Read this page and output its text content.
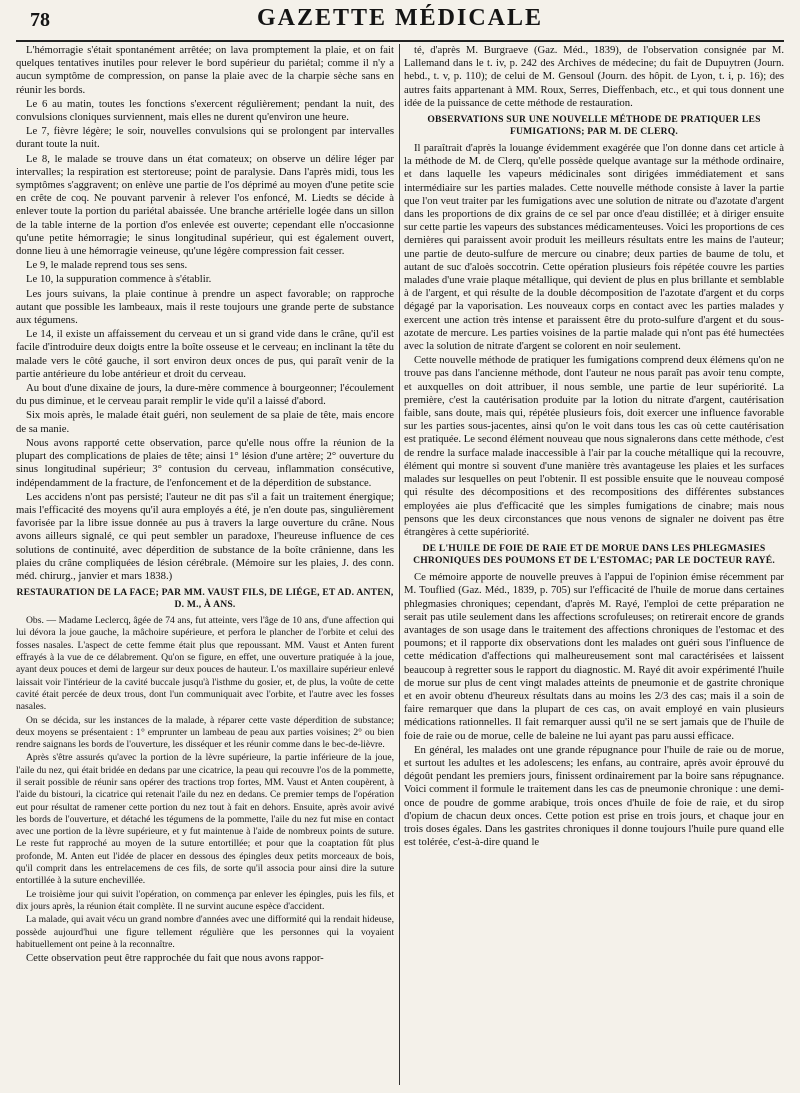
78	GAZETTE MÉDICALE

L'hémorragie s'était spontanément arrêtée; on lava promptement la plaie, et on fait quelques tentatives inutiles pour relever le bord supérieur du pariétal; comme il n'y a aucun symptôme de compression, on panse la plaie avec de la charpie sèche sans en réunir les bords.

Le 6 au matin, toutes les fonctions s'exercent régulièrement; pendant la nuit, des convulsions cloniques surviennent, mais elles ne durent qu'environ une heure.

Le 7, fièvre légère; le soir, nouvelles convulsions qui se prolongent par intervalles durant toute la nuit.

Le 8, le malade se trouve dans un état comateux; on observe un délire léger par intervalles; la respiration est stertoreuse; point de paralysie. Dans l'après midi, tous les symptômes s'aggravent; on enlève une partie de l'os déprimé au moyen d'une petite scie en crête de coq. Ne pouvant parvenir à relever l'os enfoncé, M. Liedts se décide à enlever toute la portion du pariétal abaissée. Une branche artérielle logée dans un sillon de la table interne de la portion d'os enlevée est ouverte; cependant elle n'occasionne qu'une petite hémorragie; le sinus longitudinal supérieur, qui est également ouvert, donne lieu à une hémorragie veineuse, qu'une légère compression fait cesser.

Le 9, le malade reprend tous ses sens.

Le 10, la suppuration commence à s'établir.

Les jours suivans, la plaie continue à prendre un aspect favorable; on rapproche autant que possible les lambeaux, mais il reste toujours une grande perte de substance aux tégumens.

Le 14, il existe un affaissement du cerveau et un si grand vide dans le crâne, qu'il est facile d'introduire deux doigts entre la boîte osseuse et le cerveau; en inclinant la tête du malade vers le côté gauche, il sort environ deux onces de pus, qui paraît venir de la partie antérieure du lobe antérieur et droit du cerveau.

Au bout d'une dixaine de jours, la dure-mère commence à bourgeonner; l'écoulement du pus diminue, et le cerveau parait remplir le vide qu'il a laissé d'abord.

Six mois après, le malade était guéri, non seulement de sa plaie de tête, mais encore de sa manie.

Nous avons rapporté cette observation, parce qu'elle nous offre la réunion de la plupart des complications de plaies de tête; ainsi 1° lésion d'une artère; 2° ouverture du sinus longitudinal supérieur; 3° contusion du cerveau, inflammation consécutive, indépendamment de la fracture, de l'enfoncement et de la déperdition de substance.

Les accidens n'ont pas persisté; l'auteur ne dit pas s'il a fait un traitement énergique; mais l'efficacité des moyens qu'il aura employés a été, je n'en doute pas, singulièrement favorisée par la libre issue donnée au pus à travers la large ouverture du crâne. Nous avons ailleurs signalé, ce qui peut sembler un paradoxe, l'heureuse influence de ces solutions de continuité, avec déperdition de substance de la boîte crânienne, dans les plaies du crâne compliquées de lésion cérébrale. (Mémoire sur les plaies, J. des conn. méd. chirurg., janvier et mars 1838.)

RESTAURATION DE LA FACE; PAR MM. VAUST FILS, DE LIÉGE, ET AD. ANTEN, D. M., À ANS.

Obs. — Madame Leclercq, âgée de 74 ans, fut atteinte, vers l'âge de 10 ans, d'une affection qui lui dévora la joue gauche, la mâchoire supérieure, et perfora le plancher de l'orbite et celui des fosses nasales. L'aspect de cette femme était plus que repoussant. MM. Vaust et Anten furent effrayés à la vue de ce délabrement. Qu'on se figure, en effet, une ouverture pratiquée à la joue, ayant deux pouces et demi de largeur sur deux pouces de hauteur. L'os maxillaire supérieur enlevé laissait voir l'intérieur de la cavité buccale jusqu'à l'isthme du gosier, et, de plus, la voûte de cette cavité était percée de deux trous, dont l'un communiquait avec l'orbite, et l'autre avec les fosses nasales.

On se décida, sur les instances de la malade, à réparer cette vaste déperdition de substance; deux moyens se présentaient : 1° emprunter un lambeau de peau aux parties voisines; 2° ou bien rendre saignans les bords de l'ouverture, les disséquer et les réunir comme dans le bec-de-lièvre.

Après s'être assurés qu'avec la portion de la lèvre supérieure, la partie inférieure de la joue, l'aile du nez, qui était bridée en dedans par une cicatrice, la peau qui recouvre l'os de la pommette, il serait possible de réunir sans opérer des tractions trop fortes, MM. Vaust et Anten coupèrent, à l'aide du bistouri, la cicatrice qui retenait l'aile du nez en dedans. Ce premier temps de l'opération eut pour résultat de ramener cette portion du nez tout à fait en dehors. Ensuite, après avoir avivé les bords de l'ouverture, et détaché les tégumens de la pommette, l'aile du nez fut mise en contact avec une portion de la lèvre supérieure, et y fut maintenue à l'aide de nombreux points de suture. Le reste fut rapproché au moyen de la suture entortillée; et pour que la coaptation fût plus profonde, M. Anten eut l'idée de placer en dessous des épingles deux petits morceaux de bois, qu'il comprit dans les entrelacemens de ces fils, de sorte qu'il associa pour ainsi dire la suture entortillée à la suture enchevillée.

Le troisième jour qui suivit l'opération, on commença par enlever les épingles, puis les fils, et dix jours après, la réunion était complète. Il ne survint aucune espèce d'accident.

La malade, qui avait vécu un grand nombre d'années avec une difformité qui la rendait hideuse, possède aujourd'hui une figure tellement régulière que les personnes qui la voyaient habituellement ont peine à la reconnaître.

Cette observation peut être rapprochée du fait que nous avons rappor-

té, d'après M. Burgraeve (Gaz. Méd., 1839), de l'observation consignée par M. Lallemand dans le t. iv, p. 242 des Archives de médecine; du fait de Dupuytren (Journ. hebd., t. v, p. 110); de celui de M. Gensoul (Journ. des hôpit. de Lyon, t. i, p. 16); des autres faits appartenant à MM. Roux, Serres, Dieffenbach, etc., et qui tous donnent une idée de la puissance de cette méthode de restauration.

OBSERVATIONS SUR UNE NOUVELLE MÉTHODE DE PRATIQUER LES FUMIGATIONS; PAR M. DE CLERQ.

Il paraîtrait d'après la louange évidemment exagérée que l'on donne dans cet article à la méthode de M. de Clerq, qu'elle possède quelque avantage sur la méthode ordinaire, et dans laquelle les vapeurs médicinales sont dirigées immédiatement et sans intermédiaire sur les parties malades. Cette nouvelle méthode consiste à laver la partie que l'on veut traiter par les fumigations avec une solution de nitrate ou d'azotate d'argent dans les proportions de dix grains de ce sel par once d'eau distillée; et à diriger ensuite sur cette partie les vapeurs des substances médicamenteuses. Voici les proportions de ces dernières qui paraissent avoir produit les meilleurs résultats entre les mains de l'auteur; une partie de deuto-sulfure de mercure ou cinabre; deux parties de baume de tolu, et autant de suc d'aloès soccotrin. Cette opération plusieurs fois répétée couvre les parties malades d'une vraie plaque métallique, qui devient de plus en plus brillante et semblable à de l'argent, et qui résulte de la double décomposition de l'azotate d'argent et du corps dégagé par la vaporisation. Les nouveaux corps en contact avec les parties malades y exercent une action très intense et paraissent être du proto-sulfure d'argent et du sous-azotate de mercure. Les parties voisines de la partie malade qui n'ont pas été humectées avec la solution de nitrate d'argent se colorent en noir seulement.

Cette nouvelle méthode de pratiquer les fumigations comprend deux élémens qu'on ne trouve pas dans l'ancienne méthode, dont l'auteur ne nous paraît pas avoir tenu compte, et auxquelles on doit attribuer, il nous semble, une partie de leur supériorité. La première, c'est la cautérisation produite par la lotion du nitrate d'argent, cautérisation faible, sans doute, mais qui, répétée plusieurs fois, doit exercer une influence favorable sur les parties sous-jacentes, ainsi qu'on le voit dans tous les cas où cette cautérisation est pratiquée. Le second élément nouveau que nous signalerons dans cette méthode, c'est de rendre la surface malade inaccessible à l'air par la couche métallique qui la recouvre, élément qui montre si souvent d'une manière très avantageuse les plaies et les surfaces malades sur lesquelles on peut l'obtenir. Il est possible ensuite que le nouveau composé qui résulte des décompositions et des recompositions des différentes substances employées aie plus d'efficacité que les simples fumigations de cinabre; mais nous pensons que les deux circonstances que nous venons de signaler ne doivent pas être étrangères à cette supériorité.

DE L'HUILE DE FOIE DE RAIE ET DE MORUE DANS LES PHLEGMASIES CHRONIQUES DES POUMONS ET DE L'ESTOMAC; PAR LE DOCTEUR RAYÉ.

Ce mémoire apporte de nouvelle preuves à l'appui de l'opinion émise récemment par M. Touflied (Gaz. Méd., 1839, p. 705) sur l'efficacité de l'huile de morue dans certaines phlegmasies chroniques; cependant, d'après M. Rayé, l'emploi de cette préparation ne serait pas utile seulement dans les affections scrofuleuses; on retirerait encore de grands avantages de son usage dans le traitement des affections chroniques de l'estomac et des poumons; et il rapporte dix observations dont les malades ont guéri sous l'influence de cette médication d'affections qui malheureusement sont mal caractérisées et laissent beaucoup à regretter sous le rapport du diagnostic. M. Rayé dit avoir expérimenté l'huile de morue sur plus de cent vingt malades atteints de pneumonie et de gastrite chronique et en avoir obtenu d'heureux résultats dans au moins les 2/3 des cas; mais il a soin de faire remarquer que dans la plupart de ces cas, on avait employé en vain plusieurs médications rationnelles. Il fait remarquer aussi qu'il ne se sert jamais que de l'huile de foie de raie ou de morue, celle de baleine ne lui ayant pas paru aussi efficace.

En général, les malades ont une grande répugnance pour l'huile de raie ou de morue, et surtout les adultes et les adolescens; les enfans, au contraire, après avoir éprouvé du dégoût pendant les premiers jours, finissent ordinairement par la boire sans répugnance. Voici comment il formule le traitement dans les cas de pneumonie chronique : une demi-once de poudre de gomme arabique, trois onces d'huile de foie de raie, et du sirop d'opium de chacun deux onces. Cette potion est prise en trois jours, et chaque jour en trois doses égales. Dans les gastrites chroniques il donne toujours l'huile pure quand elle est tolérée, c'est-à-dire quand le
